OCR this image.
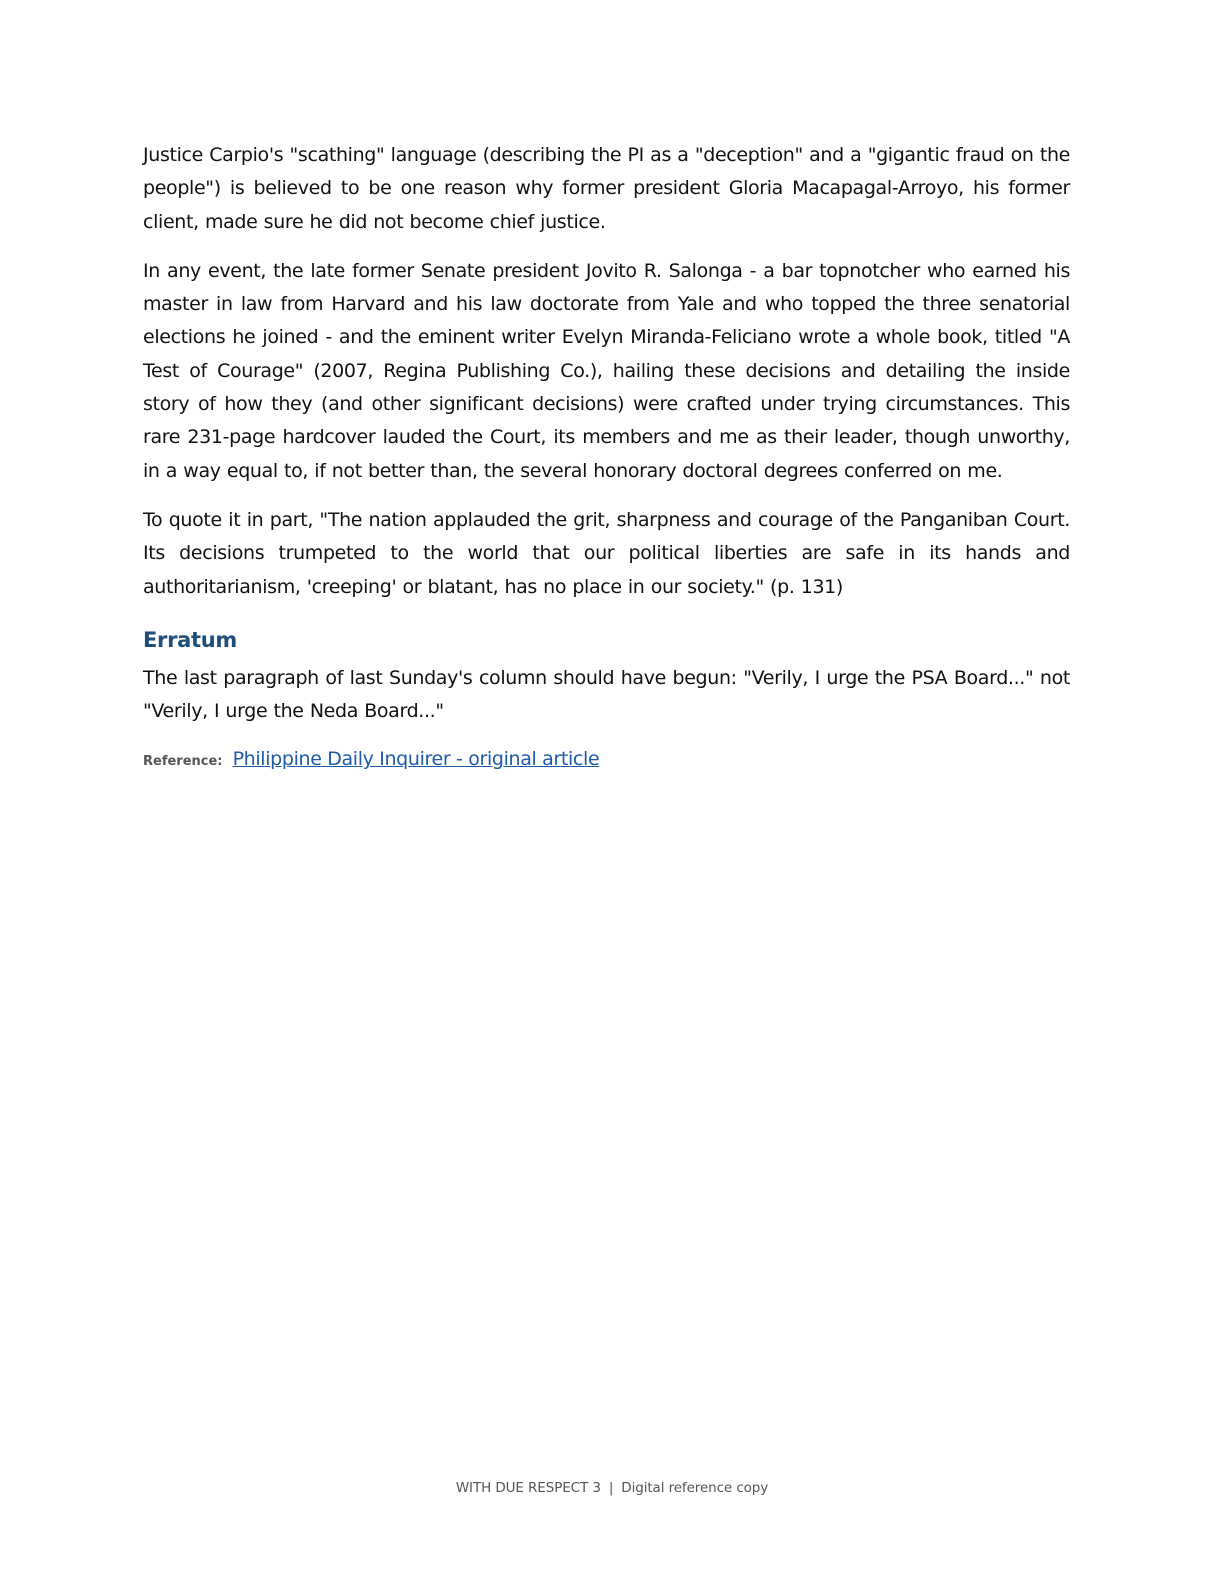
Justice Carpio's "scathing" language (describing the PI as a "deception" and a "gigantic fraud on the people") is believed to be one reason why former president Gloria Macapagal-Arroyo, his former client, made sure he did not become chief justice.

In any event, the late former Senate president Jovito R. Salonga - a bar topnotcher who earned his master in law from Harvard and his law doctorate from Yale and who topped the three senatorial elections he joined - and the eminent writer Evelyn Miranda-Feliciano wrote a whole book, titled "A Test of Courage" (2007, Regina Publishing Co.), hailing these decisions and detailing the inside story of how they (and other significant decisions) were crafted under trying circumstances. This rare 231-page hardcover lauded the Court, its members and me as their leader, though unworthy, in a way equal to, if not better than, the several honorary doctoral degrees conferred on me.

To quote it in part, "The nation applauded the grit, sharpness and courage of the Panganiban Court. Its decisions trumpeted to the world that our political liberties are safe in its hands and authoritarianism, 'creeping' or blatant, has no place in our society." (p. 131)

Erratum

The last paragraph of last Sunday's column should have begun: "Verily, I urge the PSA Board..." not "Verily, I urge the Neda Board..."

Reference: Philippine Daily Inquirer - original article
WITH DUE RESPECT 3 | Digital reference copy
